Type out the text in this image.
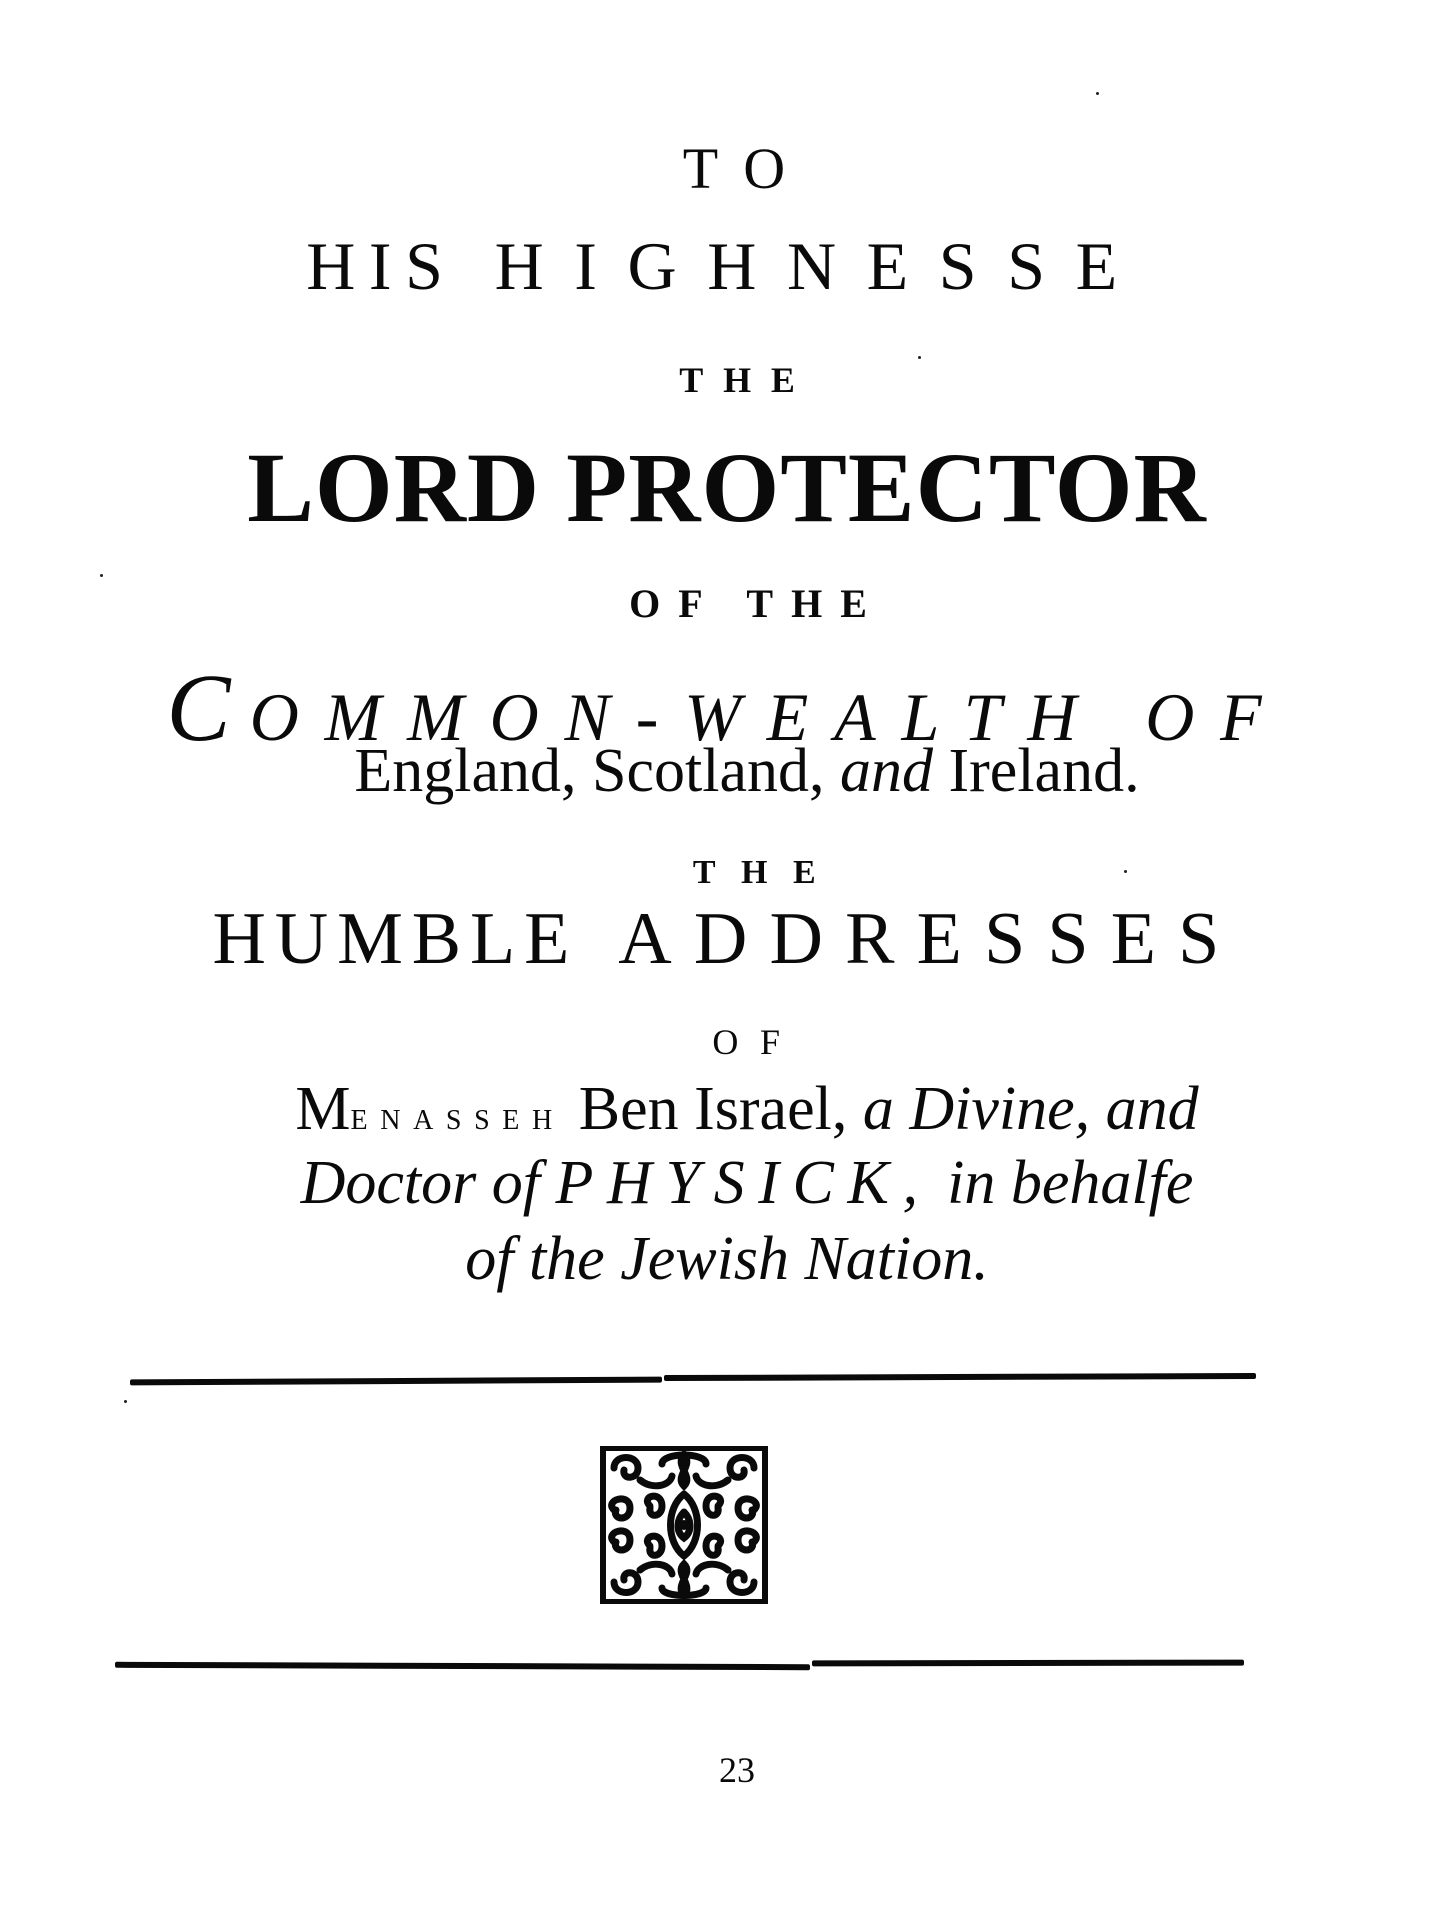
TO
HIS HIGHNESSE
THE
LORD PROTECTOR
OF THE
COMMON-WEALTH OF
England, Scotland, and Ireland.
THE
HUMBLE ADDRESSES
OF
MENASSEH Ben Israel, a Divine, and
Doctor of PHYSICK, in behalfe
of the Jewish Nation.
23
